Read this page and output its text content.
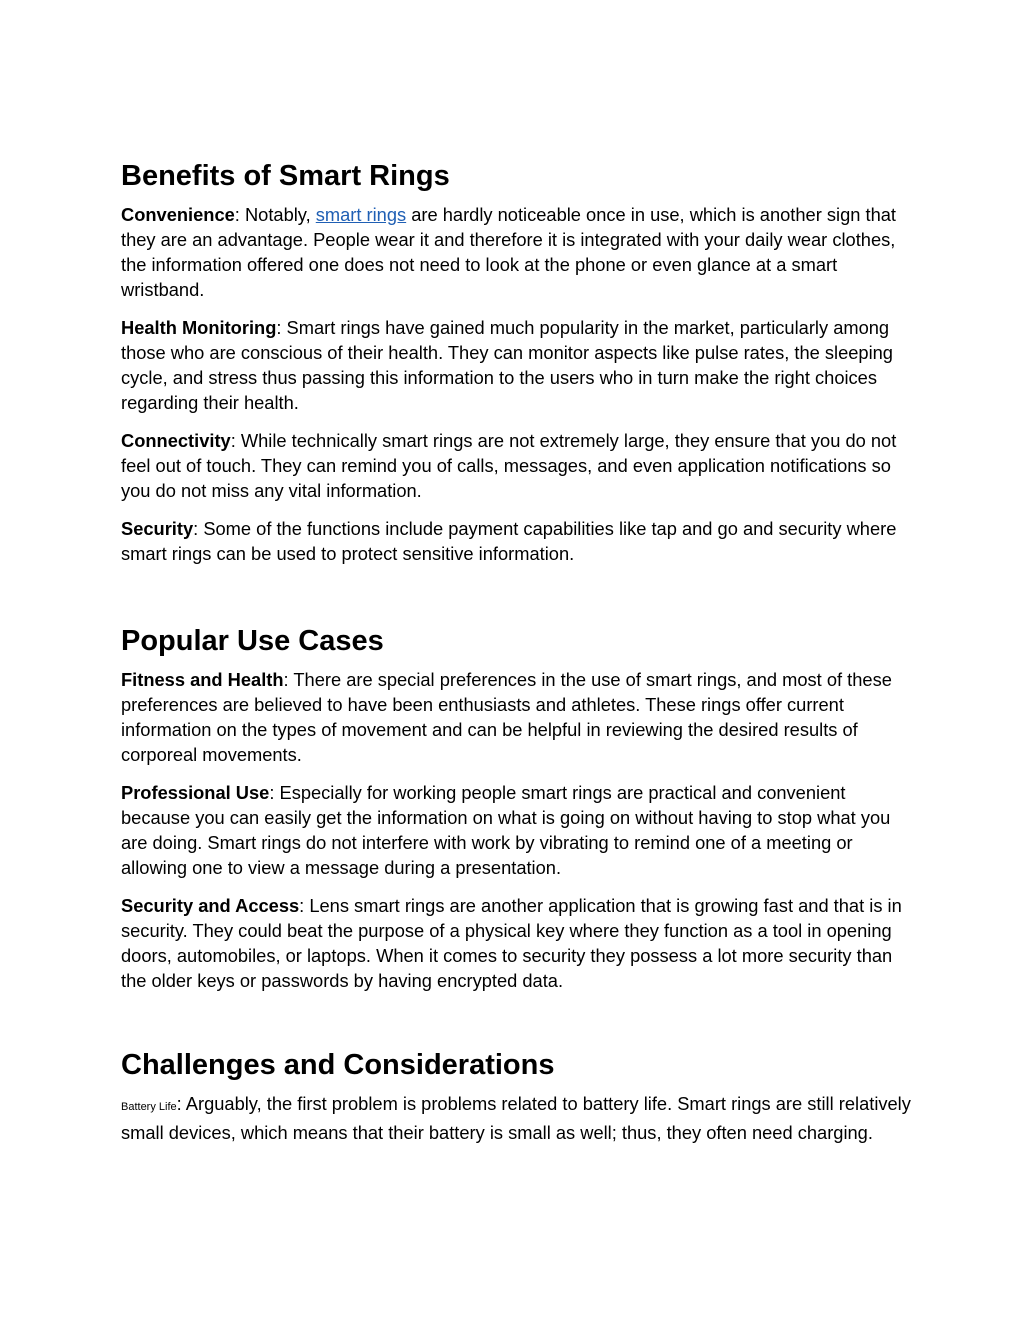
Benefits of Smart Rings

Convenience: Notably, smart rings are hardly noticeable once in use, which is another sign that they are an advantage. People wear it and therefore it is integrated with your daily wear clothes, the information offered one does not need to look at the phone or even glance at a smart wristband.

Health Monitoring: Smart rings have gained much popularity in the market, particularly among those who are conscious of their health. They can monitor aspects like pulse rates, the sleeping cycle, and stress thus passing this information to the users who in turn make the right choices regarding their health.

Connectivity: While technically smart rings are not extremely large, they ensure that you do not feel out of touch. They can remind you of calls, messages, and even application notifications so you do not miss any vital information.

Security: Some of the functions include payment capabilities like tap and go and security where smart rings can be used to protect sensitive information.

Popular Use Cases

Fitness and Health: There are special preferences in the use of smart rings, and most of these preferences are believed to have been enthusiasts and athletes. These rings offer current information on the types of movement and can be helpful in reviewing the desired results of corporeal movements.

Professional Use: Especially for working people smart rings are practical and convenient because you can easily get the information on what is going on without having to stop what you are doing. Smart rings do not interfere with work by vibrating to remind one of a meeting or allowing one to view a message during a presentation.

Security and Access: Lens smart rings are another application that is growing fast and that is in security. They could beat the purpose of a physical key where they function as a tool in opening doors, automobiles, or laptops. When it comes to security they possess a lot more security than the older keys or passwords by having encrypted data.

Challenges and Considerations

Battery Life: Arguably, the first problem is problems related to battery life. Smart rings are still relatively small devices, which means that their battery is small as well; thus, they often need charging.
